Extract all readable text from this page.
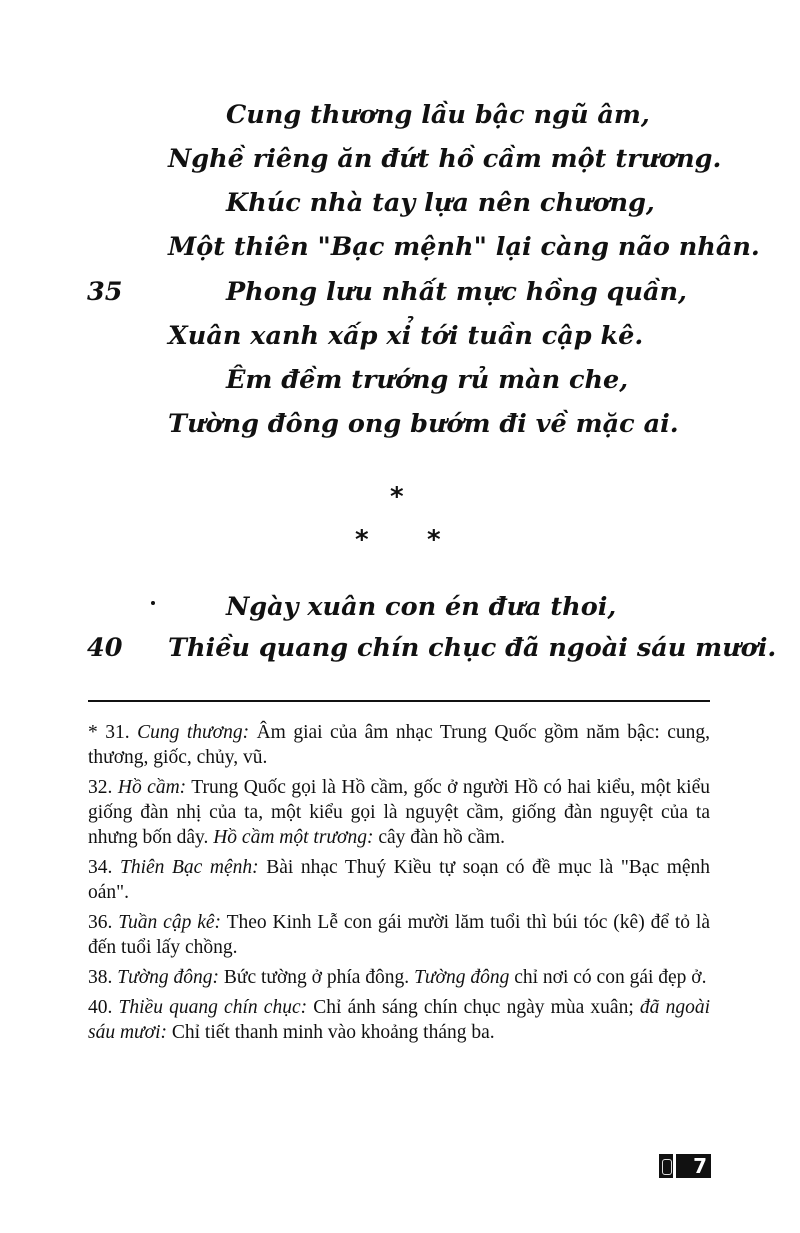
Cung thương lầu bậc ngũ âm,
Nghề riêng ăn đứt hồ cầm một trương.
Khúc nhà tay lựa nên chương,
Một thiên "Bạc mệnh" lại càng não nhân.
35	Phong lưu nhất mực hồng quần,
Xuân xanh xấp xỉ tới tuần cập kê.
Êm đềm trướng rủ màn che,
Tường đông ong bướm đi về mặc ai.
*
* *
Ngày xuân con én đưa thoi,
40 Thiều quang chín chục đã ngoài sáu mươi.

* 31. Cung thương: Âm giai của âm nhạc Trung Quốc gồm năm bậc: cung, thương, giốc, chủy, vũ.

32. Hồ cầm: Trung Quốc gọi là Hồ cầm, gốc ở người Hồ có hai kiểu, một kiểu giống đàn nhị của ta, một kiểu gọi là nguyệt cầm, giống đàn nguyệt của ta nhưng bốn dây. Hồ cầm một trương: cây đàn hồ cầm.

34. Thiên Bạc mệnh: Bài nhạc Thuý Kiều tự soạn có đề mục là "Bạc mệnh oán".

36. Tuần cập kê: Theo Kinh Lễ con gái mười lăm tuổi thì búi tóc (kê) để tỏ là đến tuổi lấy chồng.

38. Tường đông: Bức tường ở phía đông. Tường đông chỉ nơi có con gái đẹp ở.

40. Thiều quang chín chục: Chỉ ánh sáng chín chục ngày mùa xuân; đã ngoài sáu mươi: Chỉ tiết thanh minh vào khoảng tháng ba.

7
